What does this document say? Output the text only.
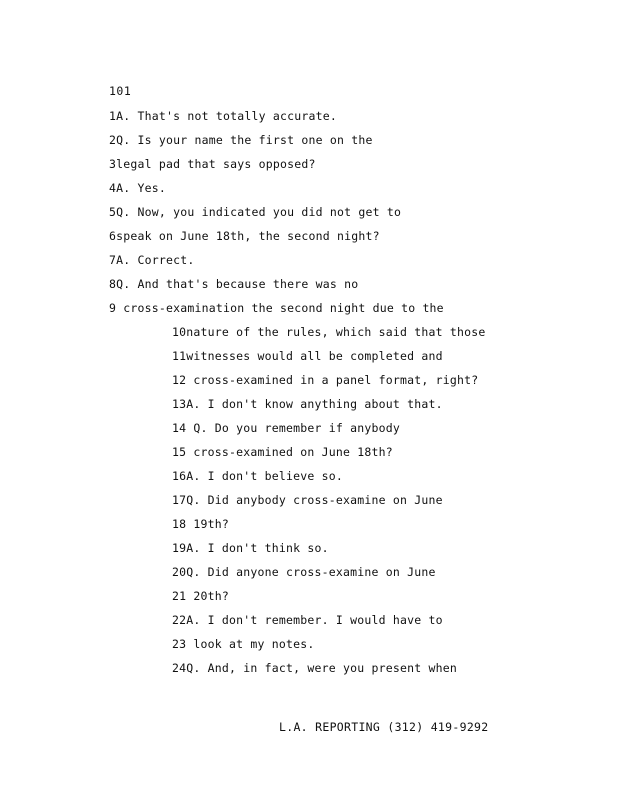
101
1A. That's not totally accurate.
2Q. Is your name the first one on the
3legal pad that says opposed?
4A. Yes.
5Q. Now, you indicated you did not get to
6speak on June 18th, the second night?
7A. Correct.
8Q. And that's because there was no
9 cross-examination the second night due to the
10nature of the rules, which said that those
11witnesses would all be completed and
12 cross-examined in a panel format, right?
13A. I don't know anything about that.
14 Q. Do you remember if anybody
15 cross-examined on June 18th?
16A. I don't believe so.
17Q. Did anybody cross-examine on June
18 19th?
19A. I don't think so.
20Q. Did anyone cross-examine on June
21 20th?
22A. I don't remember. I would have to
23 look at my notes.
24Q. And, in fact, were you present when
L.A. REPORTING (312) 419-9292
